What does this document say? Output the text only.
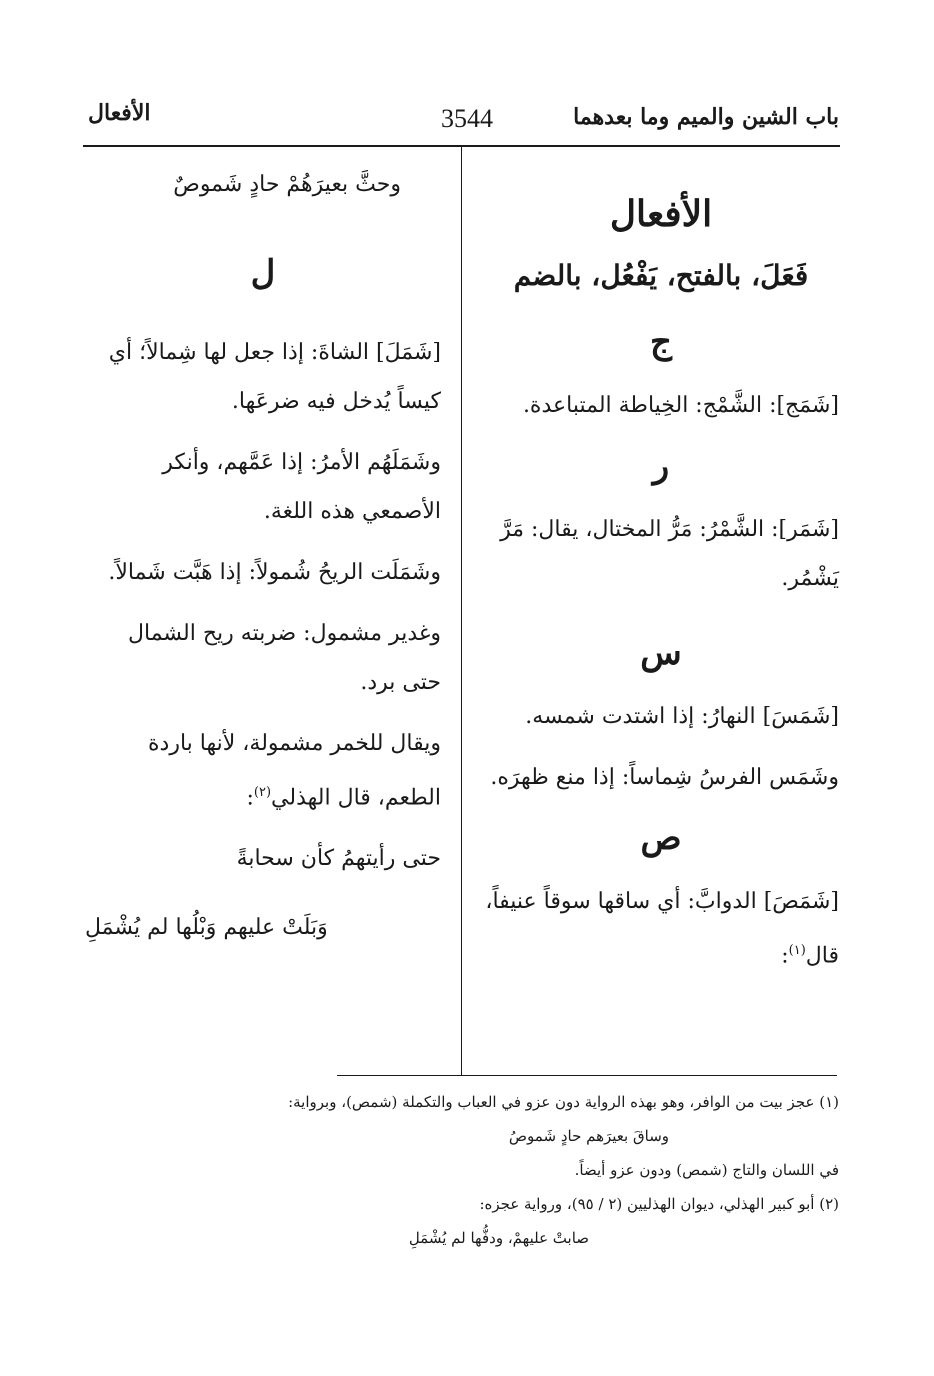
باب الشين والميم وما بعدهما
3544
الأفعال
الأفعال
فَعَلَ، بالفتح، يَفْعُل، بالضم
ج

[شَمَج]: الشَّمْج: الخِياطة المتباعدة.

ر

[شَمَر]: الشَّمْرُ: مَرُّ المختال، يقال: مَرَّ يَشْمُر.

س

[شَمَسَ] النهارُ: إذا اشتدت شمسه.

وشَمَس الفرسُ شِماساً: إذا منع ظهرَه.

ص

[شَمَصَ] الدوابَّ: أي ساقها سوقاً عنيفاً، قال$^{(١)}$:

وحثَّ بعيرَهُمْ حادٍ شَموصٌ

ل

[شَمَلَ] الشاةَ: إذا جعل لها شِمالاً؛ أي كيساً يُدخل فيه ضرعَها.

وشَمَلَهُم الأمرُ: إذا عَمَّهم، وأنكر الأصمعي هذه اللغة.

وشَمَلَت الريحُ شُمولاً: إذا هَبَّت شَمالاً.

وغدير مشمول: ضربته ريح الشمال حتى برد.

ويقال للخمر مشمولة، لأنها باردة الطعم، قال الهذلي$^{(٢)}$:

حتى رأيتهمُ كأن سحابةً

وَبَلَتْ عليهم وَبْلُها لم يُشْمَلِ

(١) عجز بيت من الوافر، وهو بهذه الرواية دون عزو في العباب والتكملة (شمص)، وبرواية:
وساقَ بعيرَهم حادٍ شَموصُ
في اللسان والتاج (شمص) ودون عزو أيضاً.
(٢) أبو كبير الهذلي، ديوان الهذليين (٢ / ٩٥)، ورواية عجزه:
صابتْ عليهمْ، ودفُّها لم يُشْمَلِ
